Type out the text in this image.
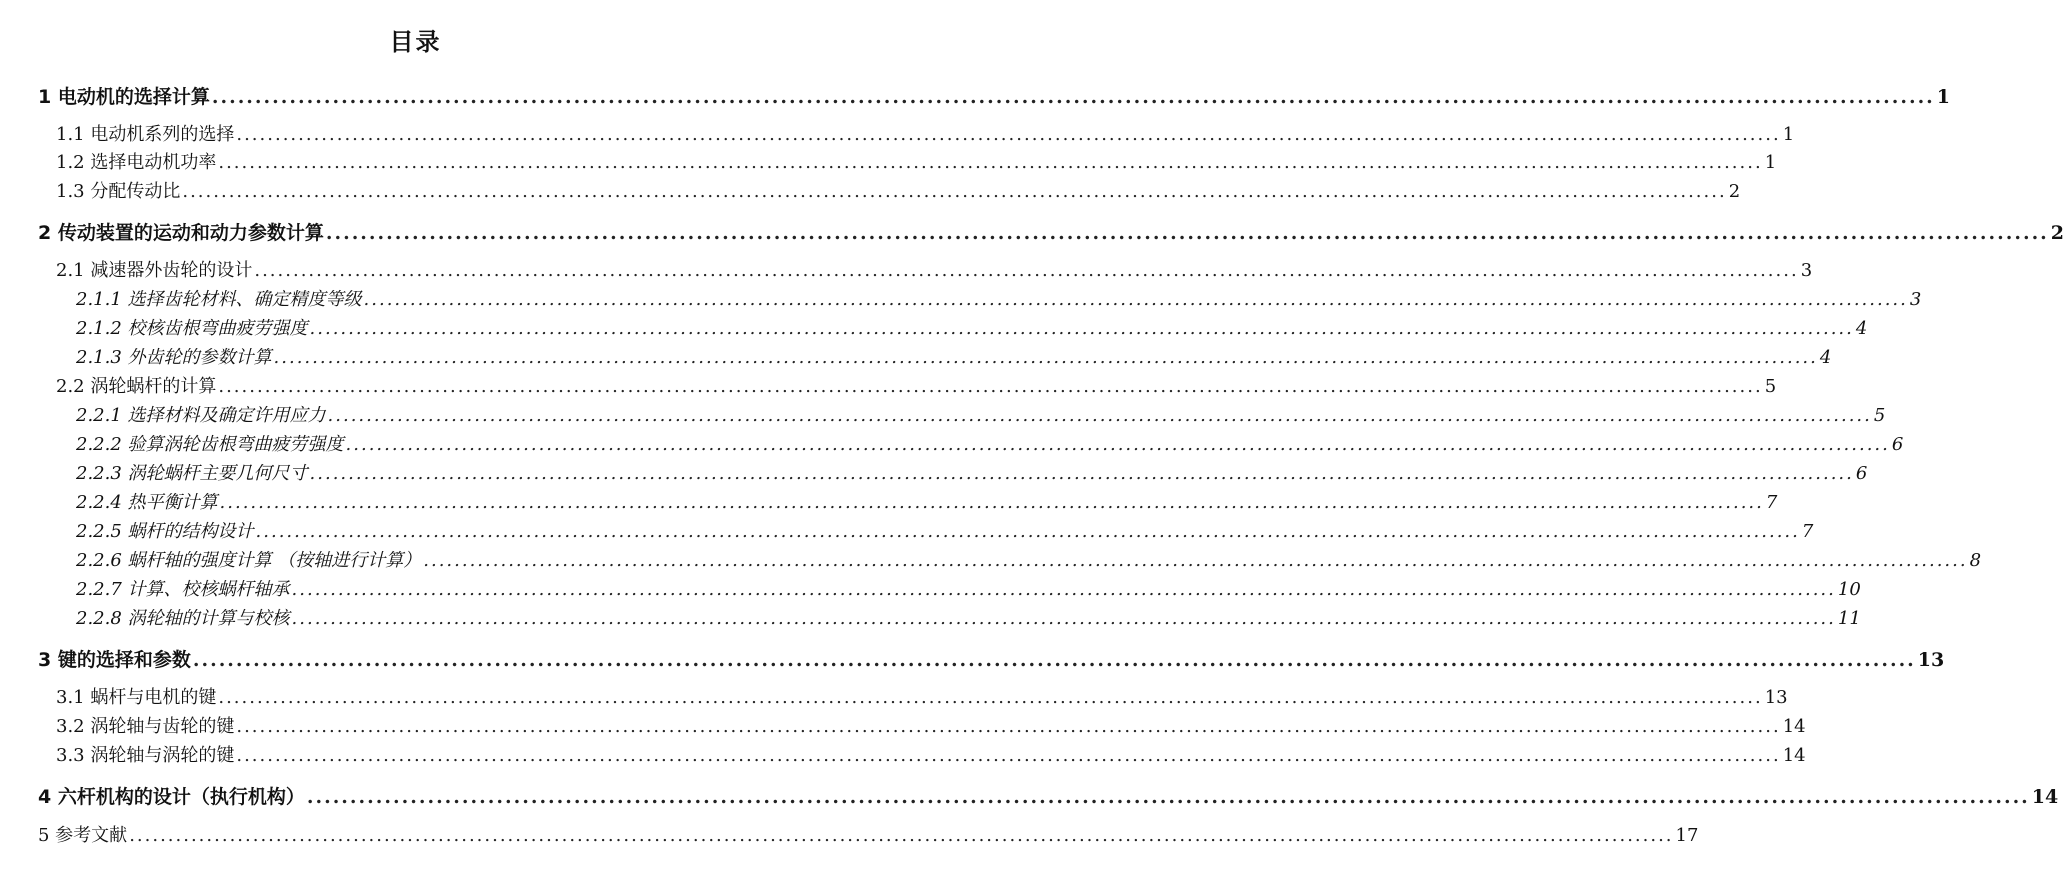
目录
1 电动机的选择计算 ........................................................................................................................................................................................................ 1
1.1 电动机系列的选择 ........................................................................................................................................................................................................ 1
1.2 选择电动机功率 ........................................................................................................................................................................................................ 1
1.3 分配传动比 ........................................................................................................................................................................................................ 2
2 传动装置的运动和动力参数计算 ........................................................................................................................................................................................................ 2
2.1 减速器外齿轮的设计 ........................................................................................................................................................................................................ 3
2.1.1 选择齿轮材料、确定精度等级 ........................................................................................................................................................................................................ 3
2.1.2 校核齿根弯曲疲劳强度 ........................................................................................................................................................................................................ 4
2.1.3 外齿轮的参数计算 ........................................................................................................................................................................................................ 4
2.2 涡轮蜗杆的计算 ........................................................................................................................................................................................................ 5
2.2.1 选择材料及确定许用应力 ........................................................................................................................................................................................................ 5
2.2.2 验算涡轮齿根弯曲疲劳强度 ........................................................................................................................................................................................................ 6
2.2.3 涡轮蜗杆主要几何尺寸 ........................................................................................................................................................................................................ 6
2.2.4 热平衡计算 ........................................................................................................................................................................................................ 7
2.2.5 蜗杆的结构设计 ........................................................................................................................................................................................................ 7
2.2.6 蜗杆轴的强度计算 （按轴进行计算） ........................................................................................................................................................................................................ 8
2.2.7 计算、校核蜗杆轴承 ........................................................................................................................................................................................................ 10
2.2.8 涡轮轴的计算与校核 ........................................................................................................................................................................................................ 11
3 键的选择和参数 ........................................................................................................................................................................................................ 13
3.1 蜗杆与电机的键 ........................................................................................................................................................................................................ 13
3.2 涡轮轴与齿轮的键 ........................................................................................................................................................................................................ 14
3.3 涡轮轴与涡轮的键 ........................................................................................................................................................................................................ 14
4 六杆机构的设计（执行机构） ........................................................................................................................................................................................................ 14
5 参考文献 ........................................................................................................................................................................................................ 17
